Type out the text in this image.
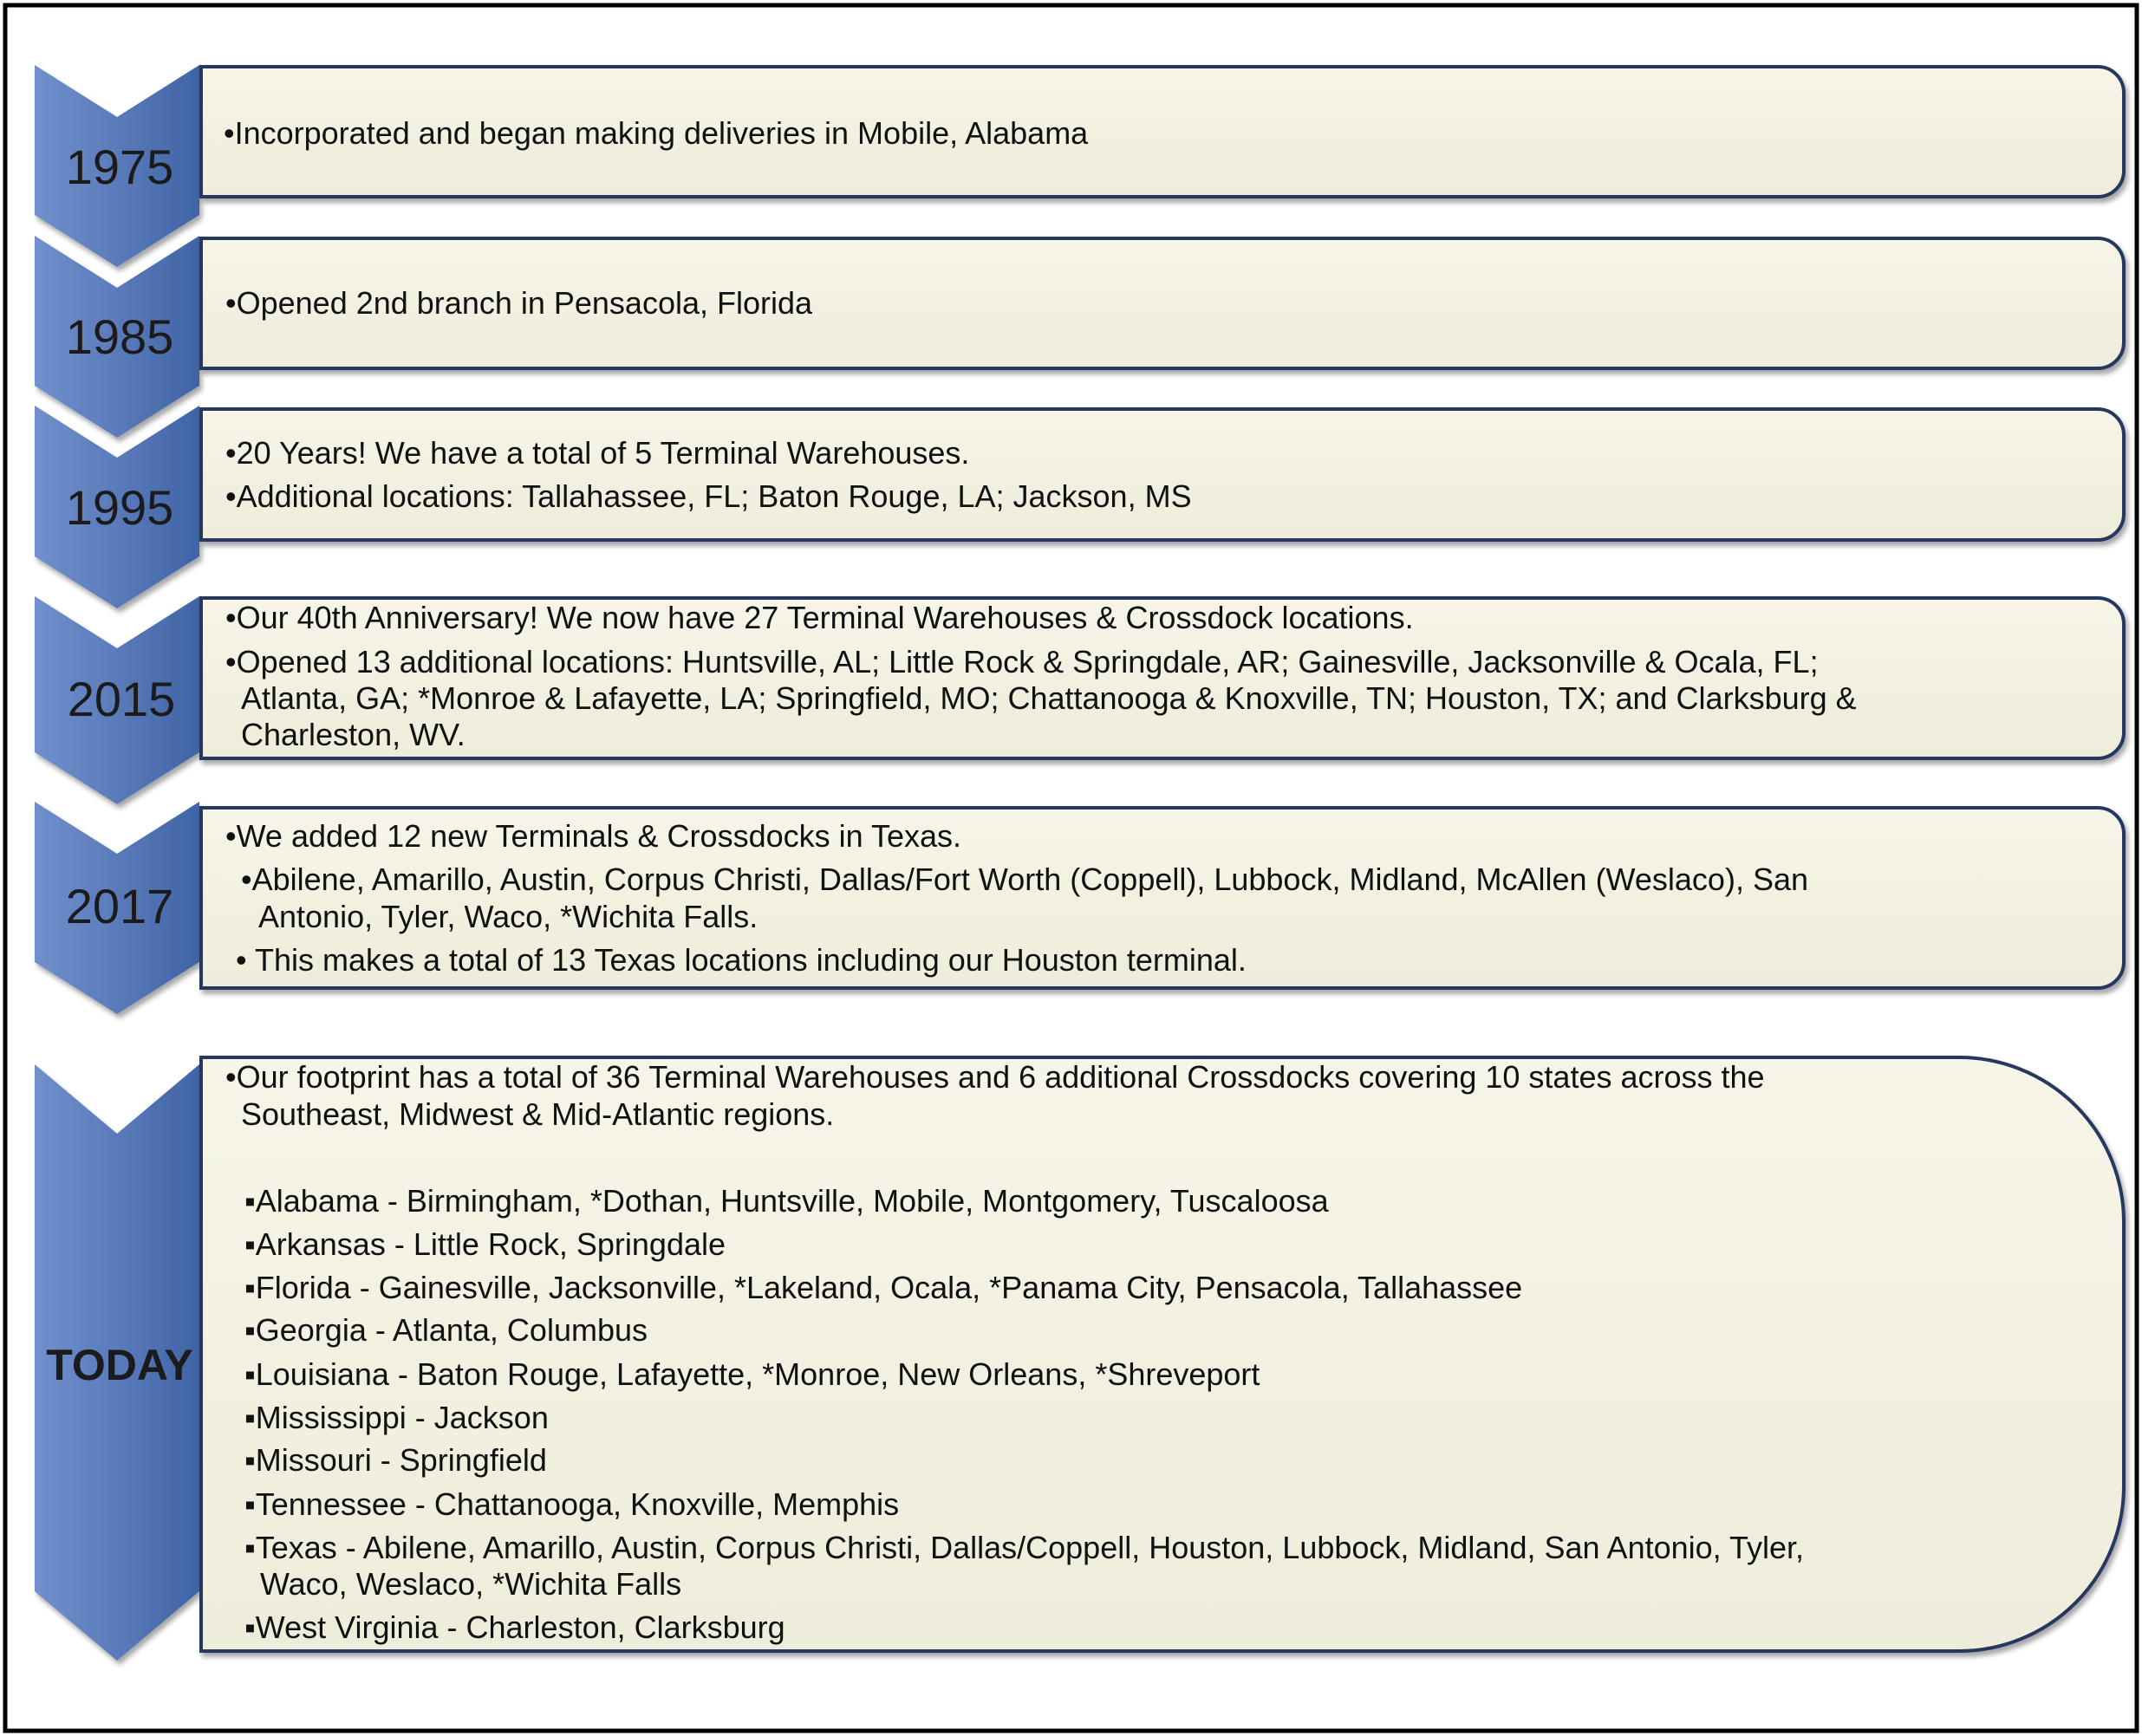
1975
•Incorporated and began making deliveries in Mobile, Alabama
1985
•Opened 2nd branch in Pensacola, Florida
1995
•20 Years! We have a total of 5 Terminal Warehouses.
•Additional locations: Tallahassee, FL; Baton Rouge, LA; Jackson, MS
2015
•Our 40th Anniversary! We now have 27 Terminal Warehouses & Crossdock locations.
•Opened 13 additional locations: Huntsville, AL; Little Rock & Springdale, AR; Gainesville, Jacksonville & Ocala, FL;
Atlanta, GA; *Monroe & Lafayette, LA; Springfield, MO; Chattanooga & Knoxville, TN; Houston, TX; and Clarksburg &
Charleston, WV.
2017
•We added 12 new Terminals & Crossdocks in Texas.
•Abilene, Amarillo, Austin, Corpus Christi, Dallas/Fort Worth (Coppell), Lubbock, Midland, McAllen (Weslaco), San
Antonio, Tyler, Waco, *Wichita Falls.
• This makes a total of 13 Texas locations including our Houston terminal.
TODAY
•Our footprint has a total of 36 Terminal Warehouses and 6 additional Crossdocks covering 10 states across the
Southeast, Midwest & Mid-Atlantic regions.
▪Alabama - Birmingham, *Dothan, Huntsville, Mobile, Montgomery, Tuscaloosa
▪Arkansas - Little Rock, Springdale
▪Florida - Gainesville, Jacksonville, *Lakeland, Ocala, *Panama City, Pensacola, Tallahassee
▪Georgia - Atlanta, Columbus
▪Louisiana - Baton Rouge, Lafayette, *Monroe, New Orleans, *Shreveport
▪Mississippi - Jackson
▪Missouri - Springfield
▪Tennessee - Chattanooga, Knoxville, Memphis
▪Texas - Abilene, Amarillo, Austin, Corpus Christi, Dallas/Coppell, Houston, Lubbock, Midland, San Antonio, Tyler,
Waco, Weslaco, *Wichita Falls
▪West Virginia - Charleston, Clarksburg
